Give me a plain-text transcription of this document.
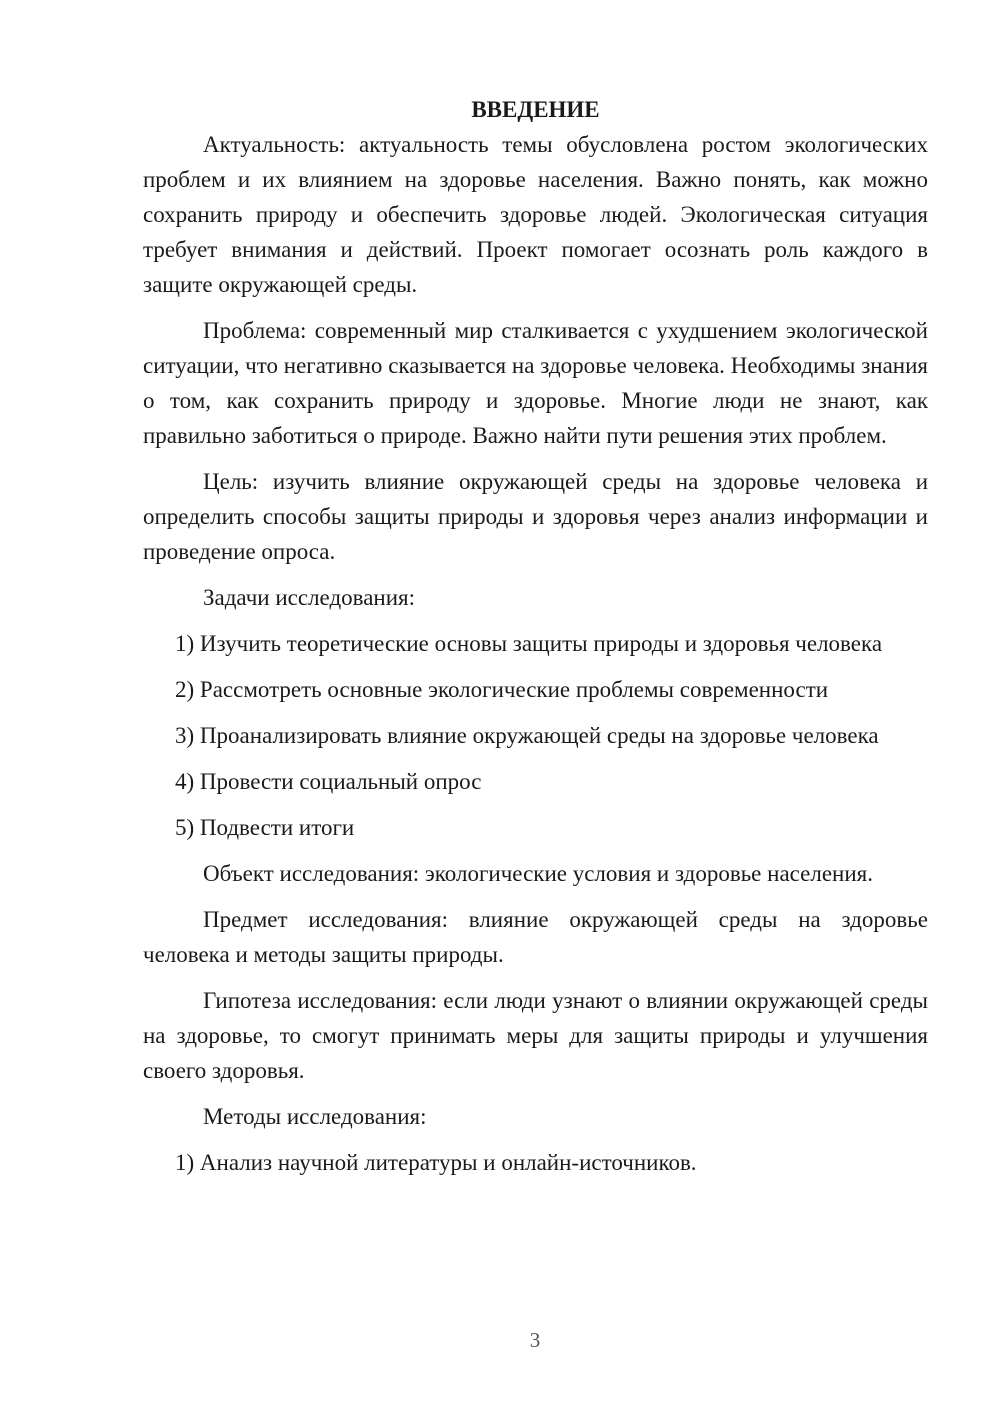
ВВЕДЕНИЕ

Актуальность: актуальность темы обусловлена ростом экологических проблем и их влиянием на здоровье населения. Важно понять, как можно сохранить природу и обеспечить здоровье людей. Экологическая ситуация требует внимания и действий. Проект помогает осознать роль каждого в защите окружающей среды.

Проблема: современный мир сталкивается с ухудшением экологической ситуации, что негативно сказывается на здоровье человека. Необходимы знания о том, как сохранить природу и здоровье. Многие люди не знают, как правильно заботиться о природе. Важно найти пути решения этих проблем.

Цель: изучить влияние окружающей среды на здоровье человека и определить способы защиты природы и здоровья через анализ информации и проведение опроса.

Задачи исследования:

1) Изучить теоретические основы защиты природы и здоровья человека

2) Рассмотреть основные экологические проблемы современности

3) Проанализировать влияние окружающей среды на здоровье человека

4) Провести социальный опрос

5) Подвести итоги

Объект исследования: экологические условия и здоровье населения.

Предмет исследования: влияние окружающей среды на здоровье человека и методы защиты природы.

Гипотеза исследования: если люди узнают о влиянии окружающей среды на здоровье, то смогут принимать меры для защиты природы и улучшения своего здоровья.

Методы исследования:

1) Анализ научной литературы и онлайн-источников.

3
